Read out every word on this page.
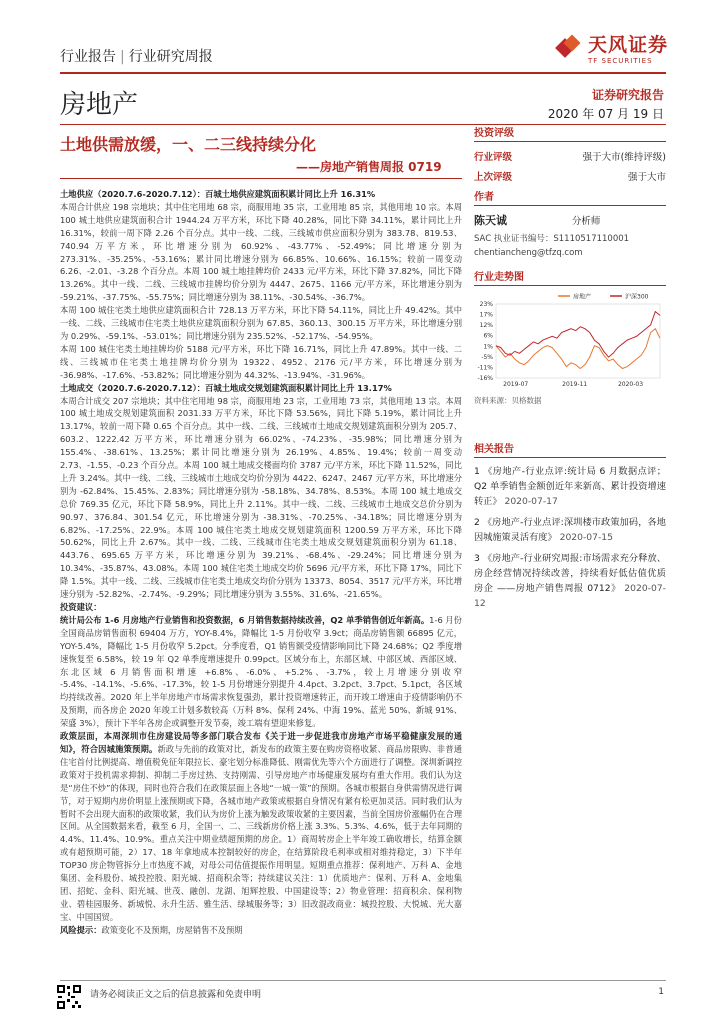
行业报告 | 行业研究周报
天风证券
TF SECURITIES
房地产	证券研究报告
2020 年 07 月 19 日
土地供需放缓，一、二三线持续分化
——房地产销售周报 0719

土地供应（2020.7.6-2020.7.12）：百城土地供应建筑面积累计同比上升 16.31%

本周合计供应 198 宗地块；其中住宅用地 68 宗，商服用地 35 宗，工业用地 85 宗，其他用地 10 宗。本周 100 城土地供应建筑面积合计 1944.24 万平方米，环比下降 40.28%，同比下降 34.11%，累计同比上升 16.31%，较前一周下降 2.26 个百分点。其中一线、二线、三线城市供应面积分别为 383.78、819.53、740.94 万平方米，环比增速分别为 60.92%、-43.77%、-52.49%；同比增速分别为 273.31%、-35.25%、-53.16%；累计同比增速分别为 66.85%、10.66%、16.15%；较前一周变动 6.26、-2.01、-3.28 个百分点。本周 100 城土地挂牌均价 2433 元/平方米，环比下降 37.82%，同比下降 13.26%。其中一线、二线、三线城市挂牌均价分别为 4447、2675、1166 元/平方米，环比增速分别为 -59.21%、-37.75%、-55.75%；同比增速分别为 38.11%、-30.54%、-36.7%。

本周 100 城住宅类土地供应建筑面积合计 728.13 万平方米，环比下降 54.11%，同比上升 49.42%。其中一线、二线、三线城市住宅类土地供应建筑面积分别为 67.85、360.13、300.15 万平方米，环比增速分别为 0.29%、-59.1%、-53.01%；同比增速分别为 235.52%、-52.17%、-54.95%。

本周 100 城住宅类土地挂牌均价 5188 元/平方米，环比下降 16.71%，同比上升 47.89%。其中一线、二线、三线城市住宅类土地挂牌均价分别为 19322、4952、2176 元/平方米，环比增速分别为 -36.98%、-17.6%、-53.82%；同比增速分别为 44.32%、-13.94%、-31.96%。

土地成交（2020.7.6-2020.7.12）：百城土地成交规划建筑面积累计同比上升 13.17%

本周合计成交 207 宗地块；其中住宅用地 98 宗，商服用地 23 宗，工业用地 73 宗，其他用地 13 宗。本周 100 城土地成交规划建筑面积 2031.33 万平方米，环比下降 53.56%，同比下降 5.19%，累计同比上升 13.17%，较前一周下降 0.65 个百分点。其中一线、二线、三线城市土地成交规划建筑面积分别为 205.7、603.2、1222.42 万平方米，环比增速分别为 66.02%、-74.23%、-35.98%；同比增速分别为 155.4%、-38.61%、13.25%；累计同比增速分别为 26.19%、4.85%、19.4%；较前一周变动 2.73、-1.55、-0.23 个百分点。本周 100 城土地成交楼面均价 3787 元/平方米，环比下降 11.52%，同比上升 3.24%。其中一线、二线、三线城市土地成交均价分别为 4422、6247、2467 元/平方米，环比增速分别为 -62.84%、15.45%、2.83%；同比增速分别为 -58.18%、34.78%、8.53%。本周 100 城土地成交总价 769.35 亿元，环比下降 58.9%，同比上升 2.11%。其中一线、二线、三线城市土地成交总价分别为 90.97、376.84、301.54 亿元，环比增速分别为 -38.31%、-70.25%、-34.18%；同比增速分别为 6.82%、-17.25%、22.9%。本周 100 城住宅类土地成交规划建筑面积 1200.59 万平方米，环比下降 50.62%，同比上升 2.67%。其中一线、二线、三线城市住宅类土地成交规划建筑面积分别为 61.18、443.76、695.65 万平方米，环比增速分别为 39.21%、-68.4%、-29.24%；同比增速分别为 10.34%、-35.87%、43.08%。本周 100 城住宅类土地成交均价 5696 元/平方米，环比下降 17%，同比下降 1.5%。其中一线、二线、三线城市住宅类土地成交均价分别为 13373、8054、3517 元/平方米，环比增速分别为 -52.82%、-2.74%、-9.29%；同比增速分别为 3.55%、31.6%、-21.65%。

投资建议：

统计局公布 1-6 月房地产行业销售和投资数据，6 月销售数据持续改善，Q2 单季销售创近年新高。1-6 月份全国商品房销售面积 69404 万方，YOY-8.4%，降幅比 1-5 月份收窄 3.9ct；商品房销售额 66895 亿元，YOY-5.4%，降幅比 1-5 月份收窄 5.2pct。分季度看，Q1 销售额受疫情影响同比下降 24.68%；Q2 季度增速恢复至 6.58%，较 19 年 Q2 单季度增速提升 0.99pct。区域分布上，东部区域、中部区域、西部区域、东北区域 6 月销售面积增速 +6.8%、-6.0%、+5.2%、-3.7%，较上月增速分别收窄 -5.4%、-14.1%、-5.6%、-17.3%，较 1-5 月份增速分别提升 4.4pct、3.2pct、3.7pct、5.1pct，各区域均持续改善。2020 年上半年房地产市场需求恢复强劲，累计投资增速转正，而开竣工增速由于疫情影响仍不及预期，而各房企 2020 年竣工计划多数较高（万科 8%、保利 24%、中海 19%、蓝光 50%、新城 91%、荣盛 3%），预计下半年各房企或调整开发节奏，竣工端有望迎来修复。

政策层面，本周深圳市住房建设局等多部门联合发布《关于进一步促进我市房地产市场平稳健康发展的通知》，符合因城施策预期。新政与先前的政策对比，新发布的政策主要在购房资格收紧、商品房限购、非普通住宅首付比例提高、增值税免征年限拉长、豪宅划分标准降低、刚需优先等六个方面进行了调整。深圳新调控政策对于投机需求抑制、抑制二手房过热、支持刚需、引导房地产市场健康发展均有重大作用。我们认为这是“房住不炒”的体现，同时也符合我们在政策层面上各地“一城一策”的预期。各城市根据自身供需情况进行调节，对于短期内房价明显上涨预期或下降，各城市地产政策或根据自身情况有紧有松更加灵活。同时我们认为暂时不会出现大面积的政策收紧，我们认为房价上涨为触发政策收紧的主要因素，当前全国房价涨幅仍在合理区间。从全国数据来看，截至 6 月，全国一、二、三线新房价格上涨 3.3%、5.3%、4.6%，低于去年同期的 4.4%、11.4%、10.9%。重点关注中期业绩超预期的房企。1）商周转房企上半年竣工确收增长，结算金额或有超预期可能，2）17、18 年拿地成本控制较好的房企，在结算阶段毛利率或相对维持稳定，3）下半年 TOP30 房企物管拆分上市热度不减，对母公司估值提振作用明显。短期重点推荐：保利地产、万科 A、金地集团、金科股份、城投控股、阳光城、招商积余等；持续建议关注：1）优质地产：保利、万科 A、金地集团、招蛇、金科、阳光城、世茂、融创、龙湖、旭辉控股、中国建设等；2）物业管理：招商积余、保利物业、碧桂园服务、新城悦、永升生活、雅生活、绿城服务等；3）旧改混改商业：城投控股、大悦城、光大嘉宝、中国国贸。

风险提示：政策变化不及预期，房屋销售不及预期

投资评级
行业评级	强于大市(维持评级)
上次评级	强于大市
作者
陈天诚	分析师
SAC 执业证书编号：S1110517110001
chentiancheng@tfzq.com
行业走势图
23%
17%
12%
6%
1%
-5%
-11%
-16%
2019-07	2019-11	2020-03
房地产	沪深300
资料来源：贝格数据
相关报告
1 《房地产-行业点评:统计局 6 月数据点评；Q2 单季销售金额创近年来新高、累计投资增速转正》 2020-07-17
2 《房地产-行业点评:深圳楼市政策加码，各地因城施策灵活有度》 2020-07-15
3 《房地产-行业研究周报:市场需求充分释放、房企经营情况持续改善，持续看好低估值优质房企 ——房地产销售周报 0712》 2020-07-12
请务必阅读正文之后的信息披露和免责申明	1
